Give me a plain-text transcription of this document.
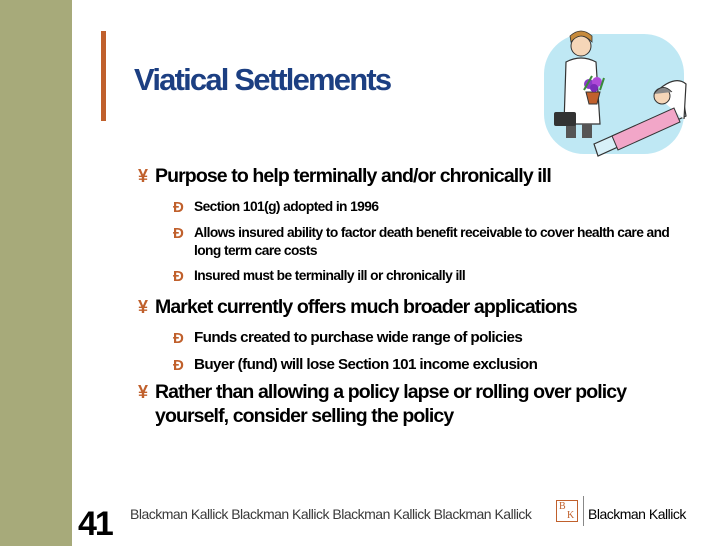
Viatical Settlements
¥ Purpose to help terminally and/or chronically ill
Ð Section 101(g) adopted in 1996
Ð Allows insured ability to factor death benefit receivable to cover health care and long term care costs
Ð Insured must be terminally ill or chronically ill
¥ Market currently offers much broader applications
Ð Funds created to purchase wide range of policies
Ð Buyer (fund) will lose Section 101 income exclusion
¥ Rather than allowing a policy lapse or rolling over policy yourself, consider selling the policy
41 Blackman Kallick Blackman Kallick Blackman Kallick Blackman Kallick	B
K Blackman Kallick
